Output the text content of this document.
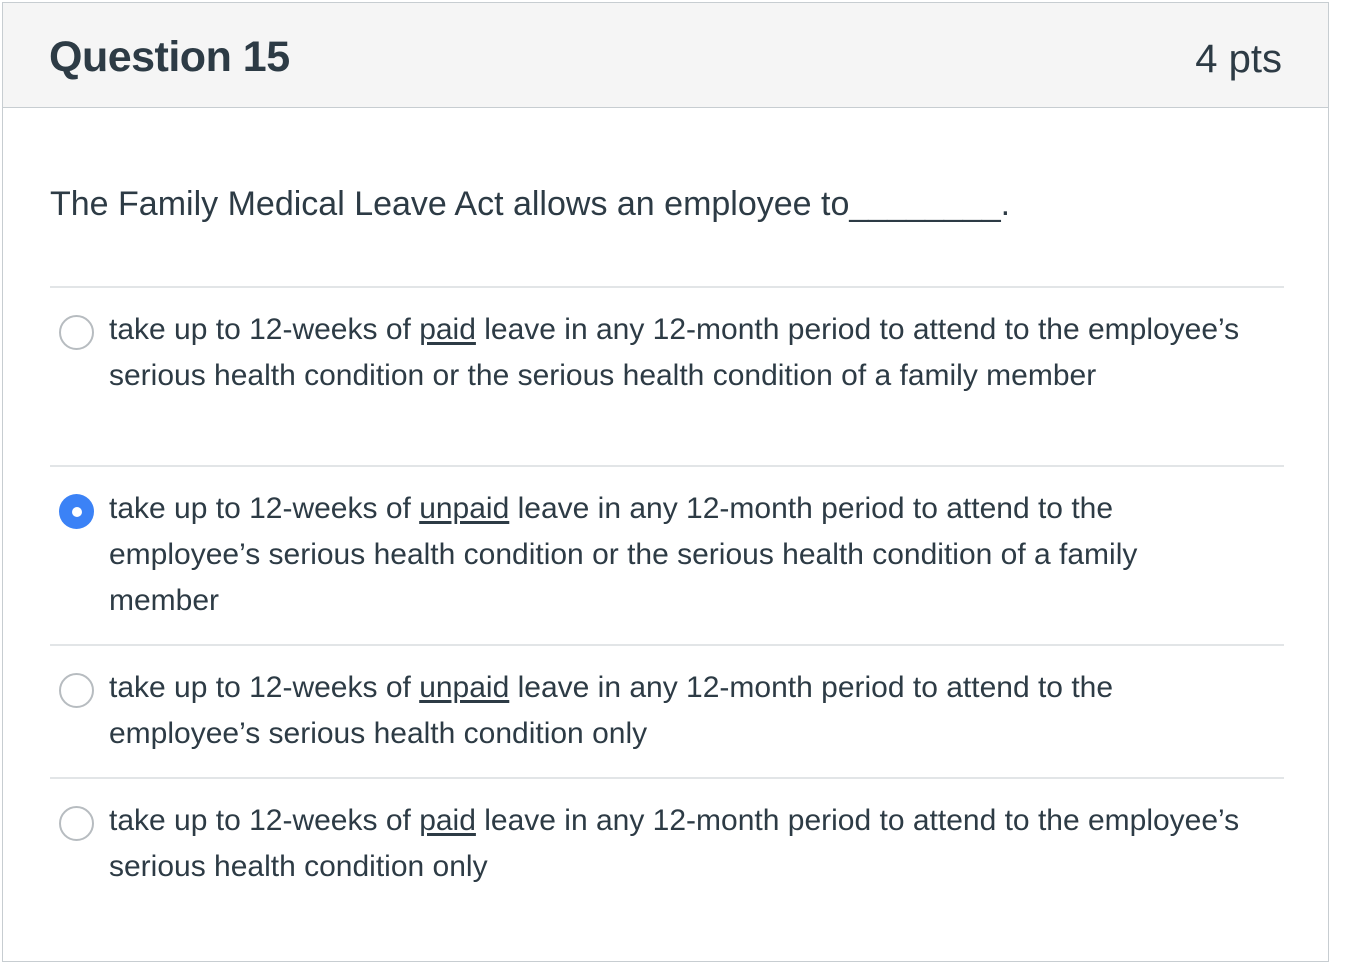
Question 15	4 pts
The Family Medical Leave Act allows an employee to________.
take up to 12-weeks of paid leave in any 12-month period to attend to the employee’s serious health condition or the serious health condition of a family member
take up to 12-weeks of unpaid leave in any 12-month period to attend to the employee’s serious health condition or the serious health condition of a family member
take up to 12-weeks of unpaid leave in any 12-month period to attend to the employee’s serious health condition only
take up to 12-weeks of paid leave in any 12-month period to attend to the employee’s serious health condition only
